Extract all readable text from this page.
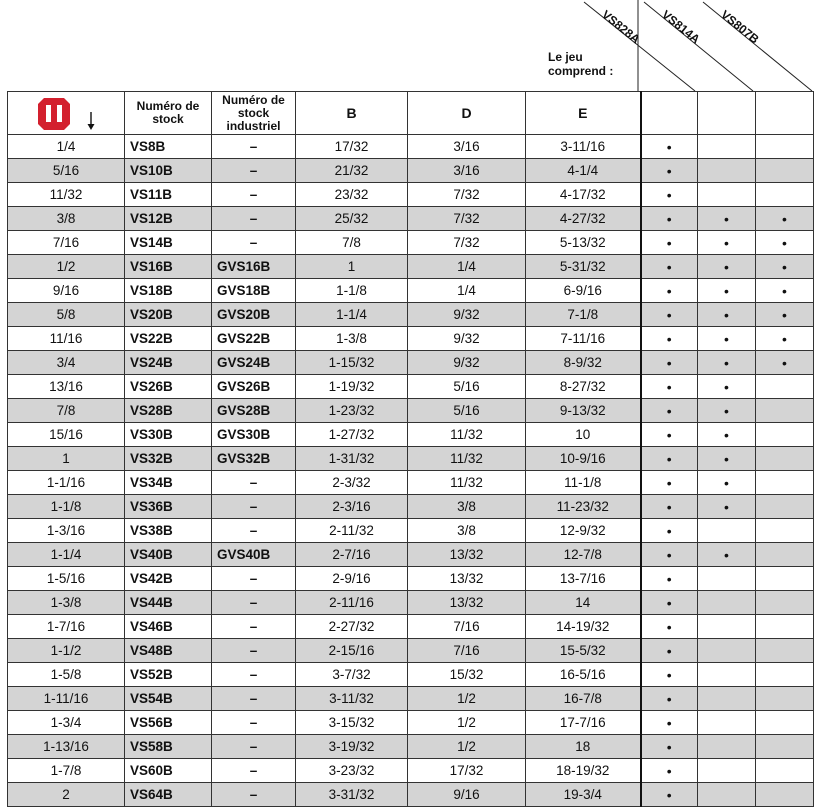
VS828A VS814A VS807B
Le jeu comprend :
	Numéro de stock	Numéro de stock industriel	B	D	E			
1/4	VS8B	–	17/32	3/16	3-11/16	•		
5/16	VS10B	–	21/32	3/16	4-1/4	•		
11/32	VS11B	–	23/32	7/32	4-17/32	•		
3/8	VS12B	–	25/32	7/32	4-27/32	•	•	•
7/16	VS14B	–	7/8	7/32	5-13/32	•	•	•
1/2	VS16B	GVS16B	1	1/4	5-31/32	•	•	•
9/16	VS18B	GVS18B	1-1/8	1/4	6-9/16	•	•	•
5/8	VS20B	GVS20B	1-1/4	9/32	7-1/8	•	•	•
11/16	VS22B	GVS22B	1-3/8	9/32	7-11/16	•	•	•
3/4	VS24B	GVS24B	1-15/32	9/32	8-9/32	•	•	•
13/16	VS26B	GVS26B	1-19/32	5/16	8-27/32	•	•	
7/8	VS28B	GVS28B	1-23/32	5/16	9-13/32	•	•	
15/16	VS30B	GVS30B	1-27/32	11/32	10	•	•	
1	VS32B	GVS32B	1-31/32	11/32	10-9/16	•	•	
1-1/16	VS34B	–	2-3/32	11/32	11-1/8	•	•	
1-1/8	VS36B	–	2-3/16	3/8	11-23/32	•	•	
1-3/16	VS38B	–	2-11/32	3/8	12-9/32	•		
1-1/4	VS40B	GVS40B	2-7/16	13/32	12-7/8	•	•	
1-5/16	VS42B	–	2-9/16	13/32	13-7/16	•		
1-3/8	VS44B	–	2-11/16	13/32	14	•		
1-7/16	VS46B	–	2-27/32	7/16	14-19/32	•		
1-1/2	VS48B	–	2-15/16	7/16	15-5/32	•		
1-5/8	VS52B	–	3-7/32	15/32	16-5/16	•		
1-11/16	VS54B	–	3-11/32	1/2	16-7/8	•		
1-3/4	VS56B	–	3-15/32	1/2	17-7/16	•		
1-13/16	VS58B	–	3-19/32	1/2	18	•		
1-7/8	VS60B	–	3-23/32	17/32	18-19/32	•		
2	VS64B	–	3-31/32	9/16	19-3/4	•		
